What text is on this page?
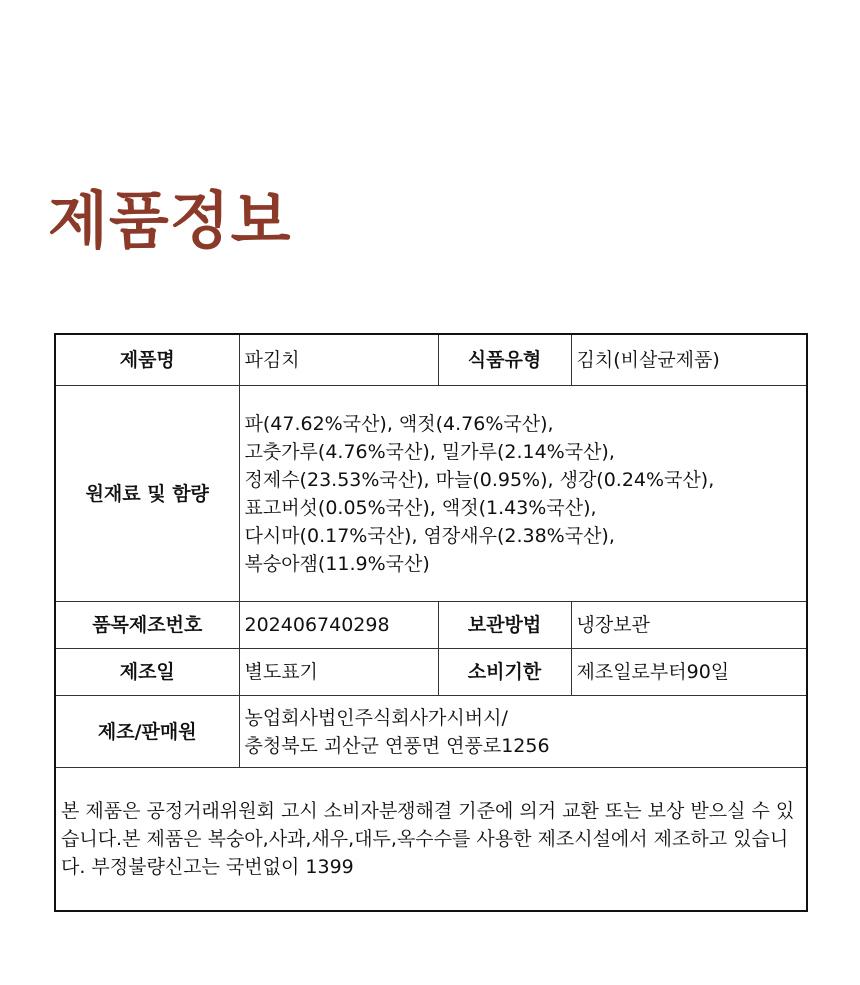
제품정보
제품명	파김치	식품유형	김치(비살균제품)
원재료 및 함량	
파(47.62%국산), 액젓(4.76%국산),
고춧가루(4.76%국산), 밀가루(2.14%국산),
정제수(23.53%국산), 마늘(0.95%), 생강(0.24%국산),
표고버섯(0.05%국산), 액젓(1.43%국산),
다시마(0.17%국산), 염장새우(2.38%국산),
복숭아잼(11.9%국산)

품목제조번호	202406740298	보관방법	냉장보관
제조일	별도표기	소비기한	제조일로부터90일
제조/판매원	농업회사법인주식회사가시버시/
충청북도 괴산군 연풍면 연풍로1256		

본 제품은 공정거래위원회 고시 소비자분쟁해결 기준에 의거 교환 또는 보상 받으실 수 있습니다.본 제품은 복숭아,사과,새우,대두,옥수수를 사용한 제조시설에서 제조하고 있습니다. 부정불량신고는 국번없이 1399			
